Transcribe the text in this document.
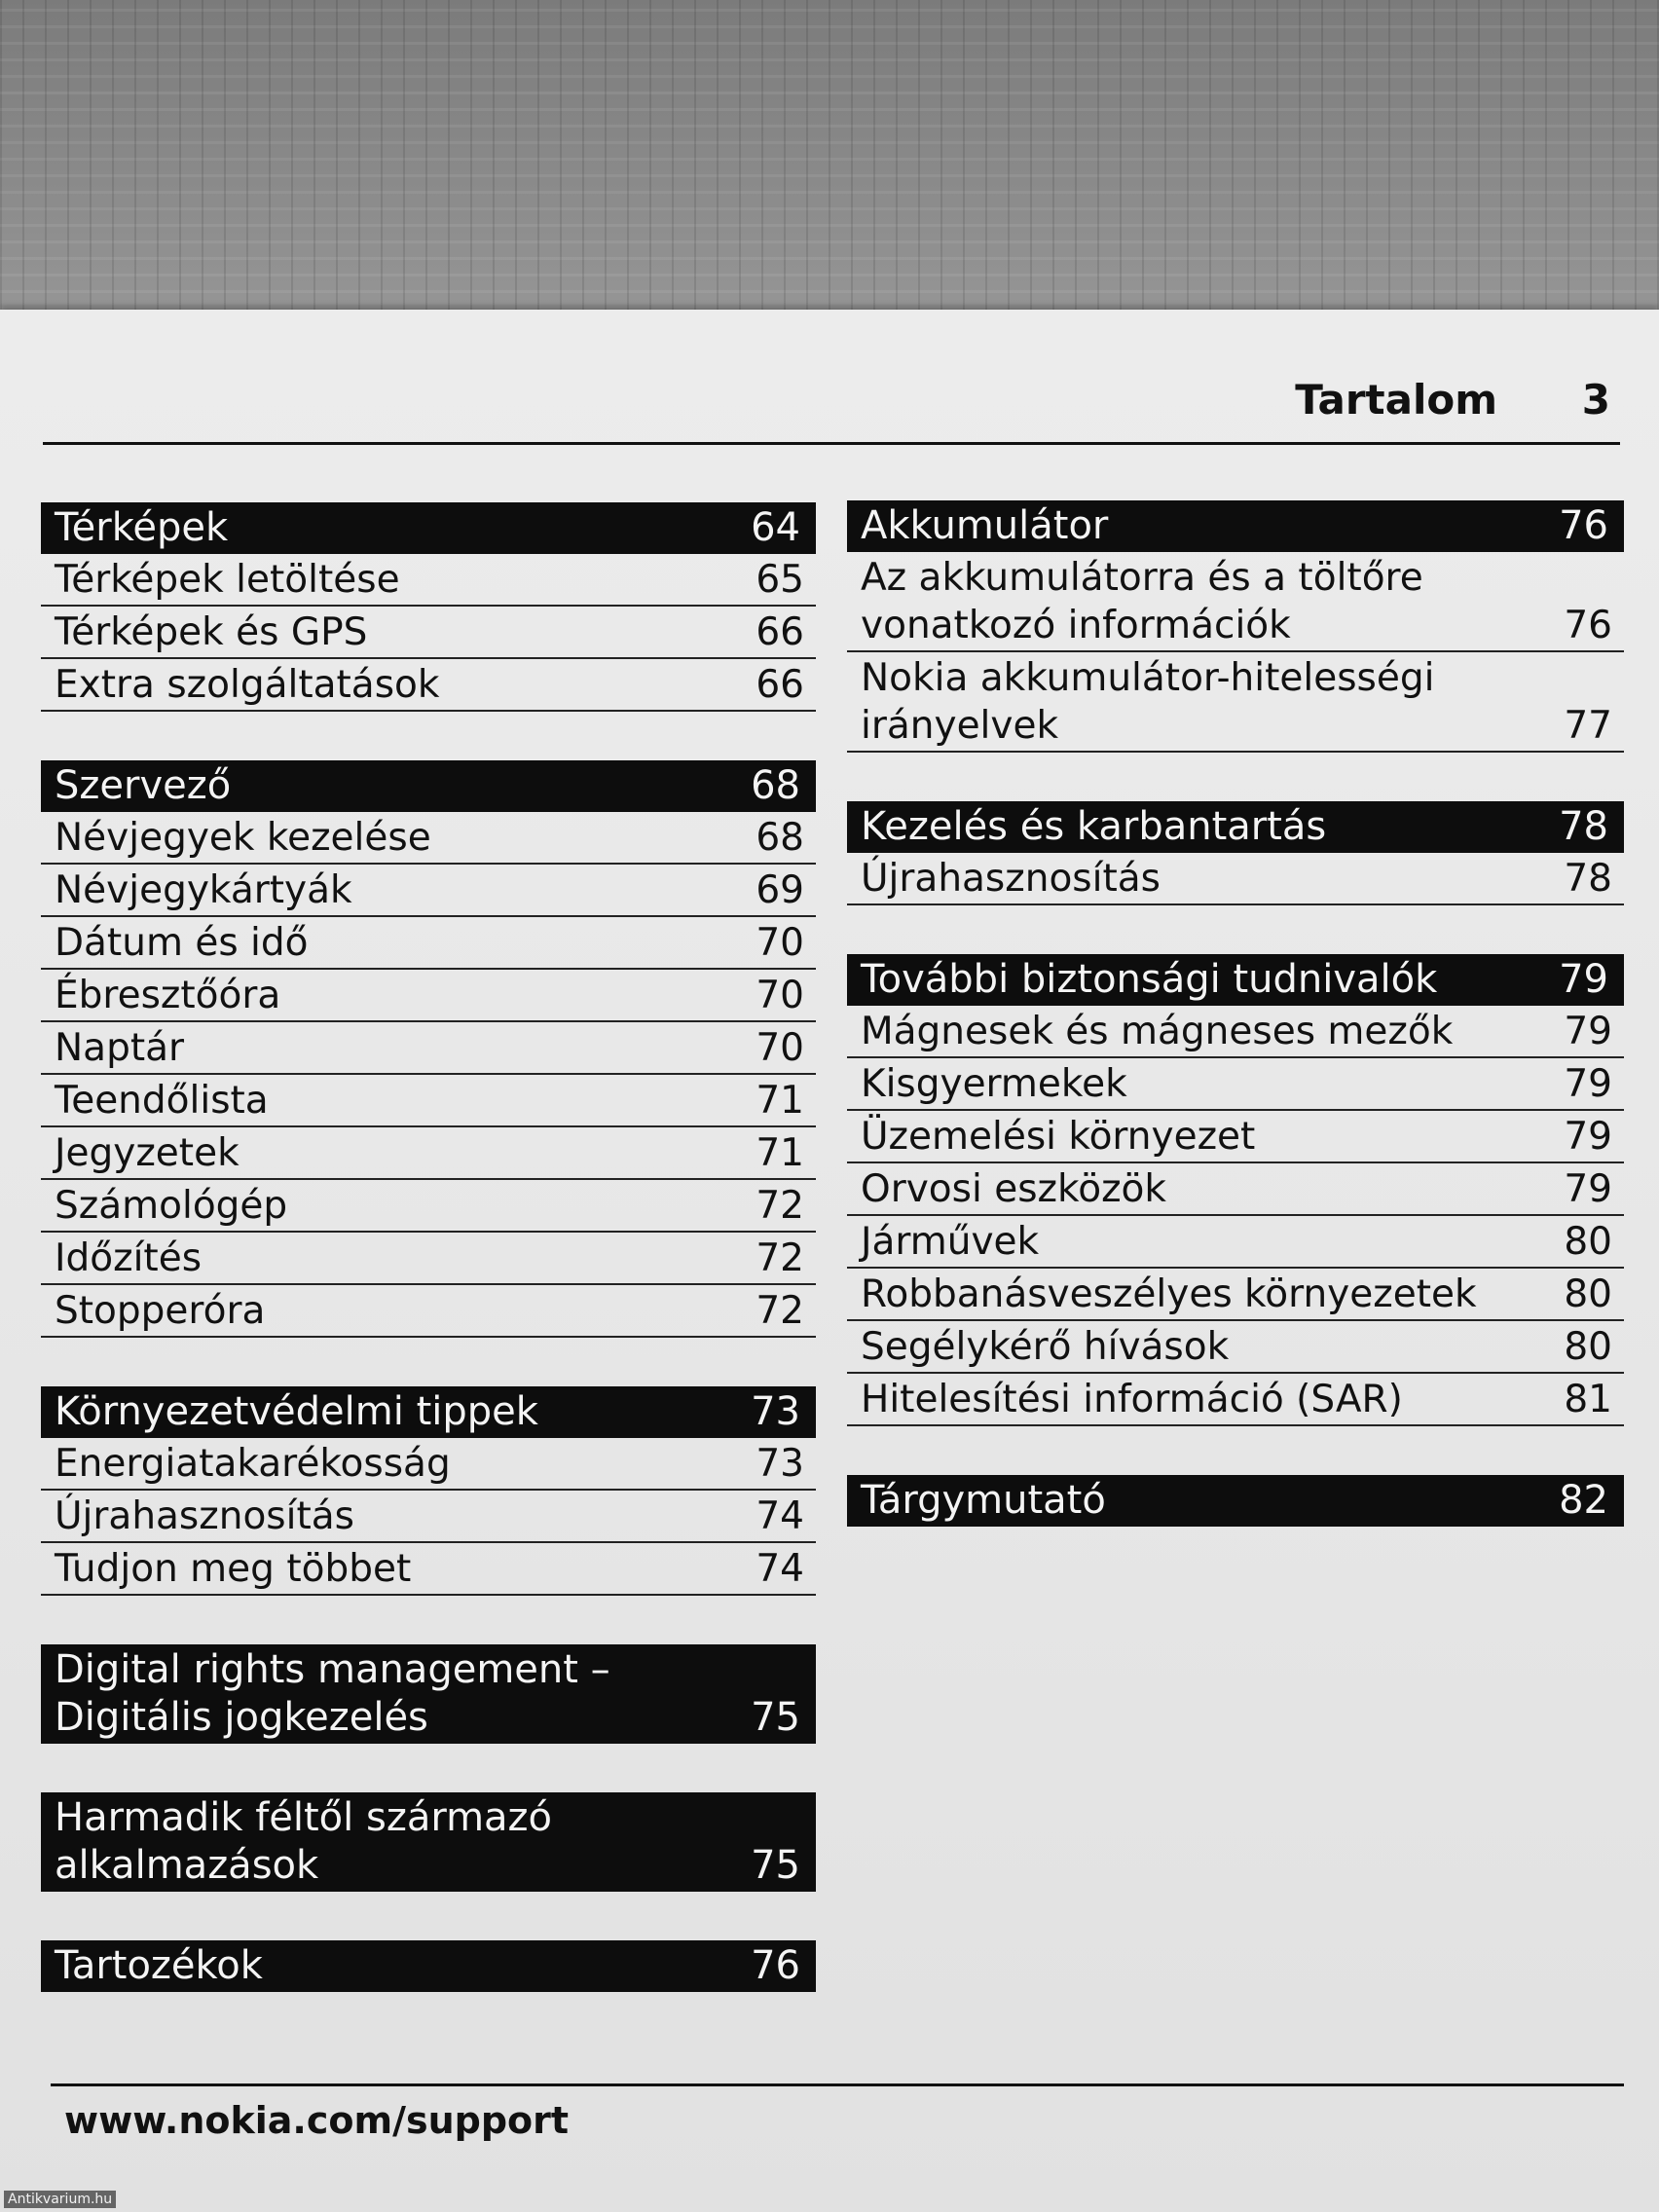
Tartalom 3
Térképek	64
Térképek letöltése	65
Térképek és GPS	66
Extra szolgáltatások	66
Szervező	68
Névjegyek kezelése	68
Névjegykártyák	69
Dátum és idő	70
Ébresztőóra	70
Naptár	70
Teendőlista	71
Jegyzetek	71
Számológép	72
Időzítés	72
Stopperóra	72
Környezetvédelmi tippek	73
Energiatakarékosság	73
Újrahasznosítás	74
Tudjon meg többet	74
Digital rights management – Digitális jogkezelés	75
Harmadik féltől származó alkalmazások	75
Tartozékok	76
Akkumulátor	76
Az akkumulátorra és a töltőre vonatkozó információk	76
Nokia akkumulátor-hitelességi irányelvek	77
Kezelés és karbantartás	78
Újrahasznosítás	78
További biztonsági tudnivalók	79
Mágnesek és mágneses mezők	79
Kisgyermekek	79
Üzemelési környezet	79
Orvosi eszközök	79
Járművek	80
Robbanásveszélyes környezetek	80
Segélykérő hívások	80
Hitelesítési információ (SAR)	81
Tárgymutató	82
www.nokia.com/support
Antikvarium.hu
